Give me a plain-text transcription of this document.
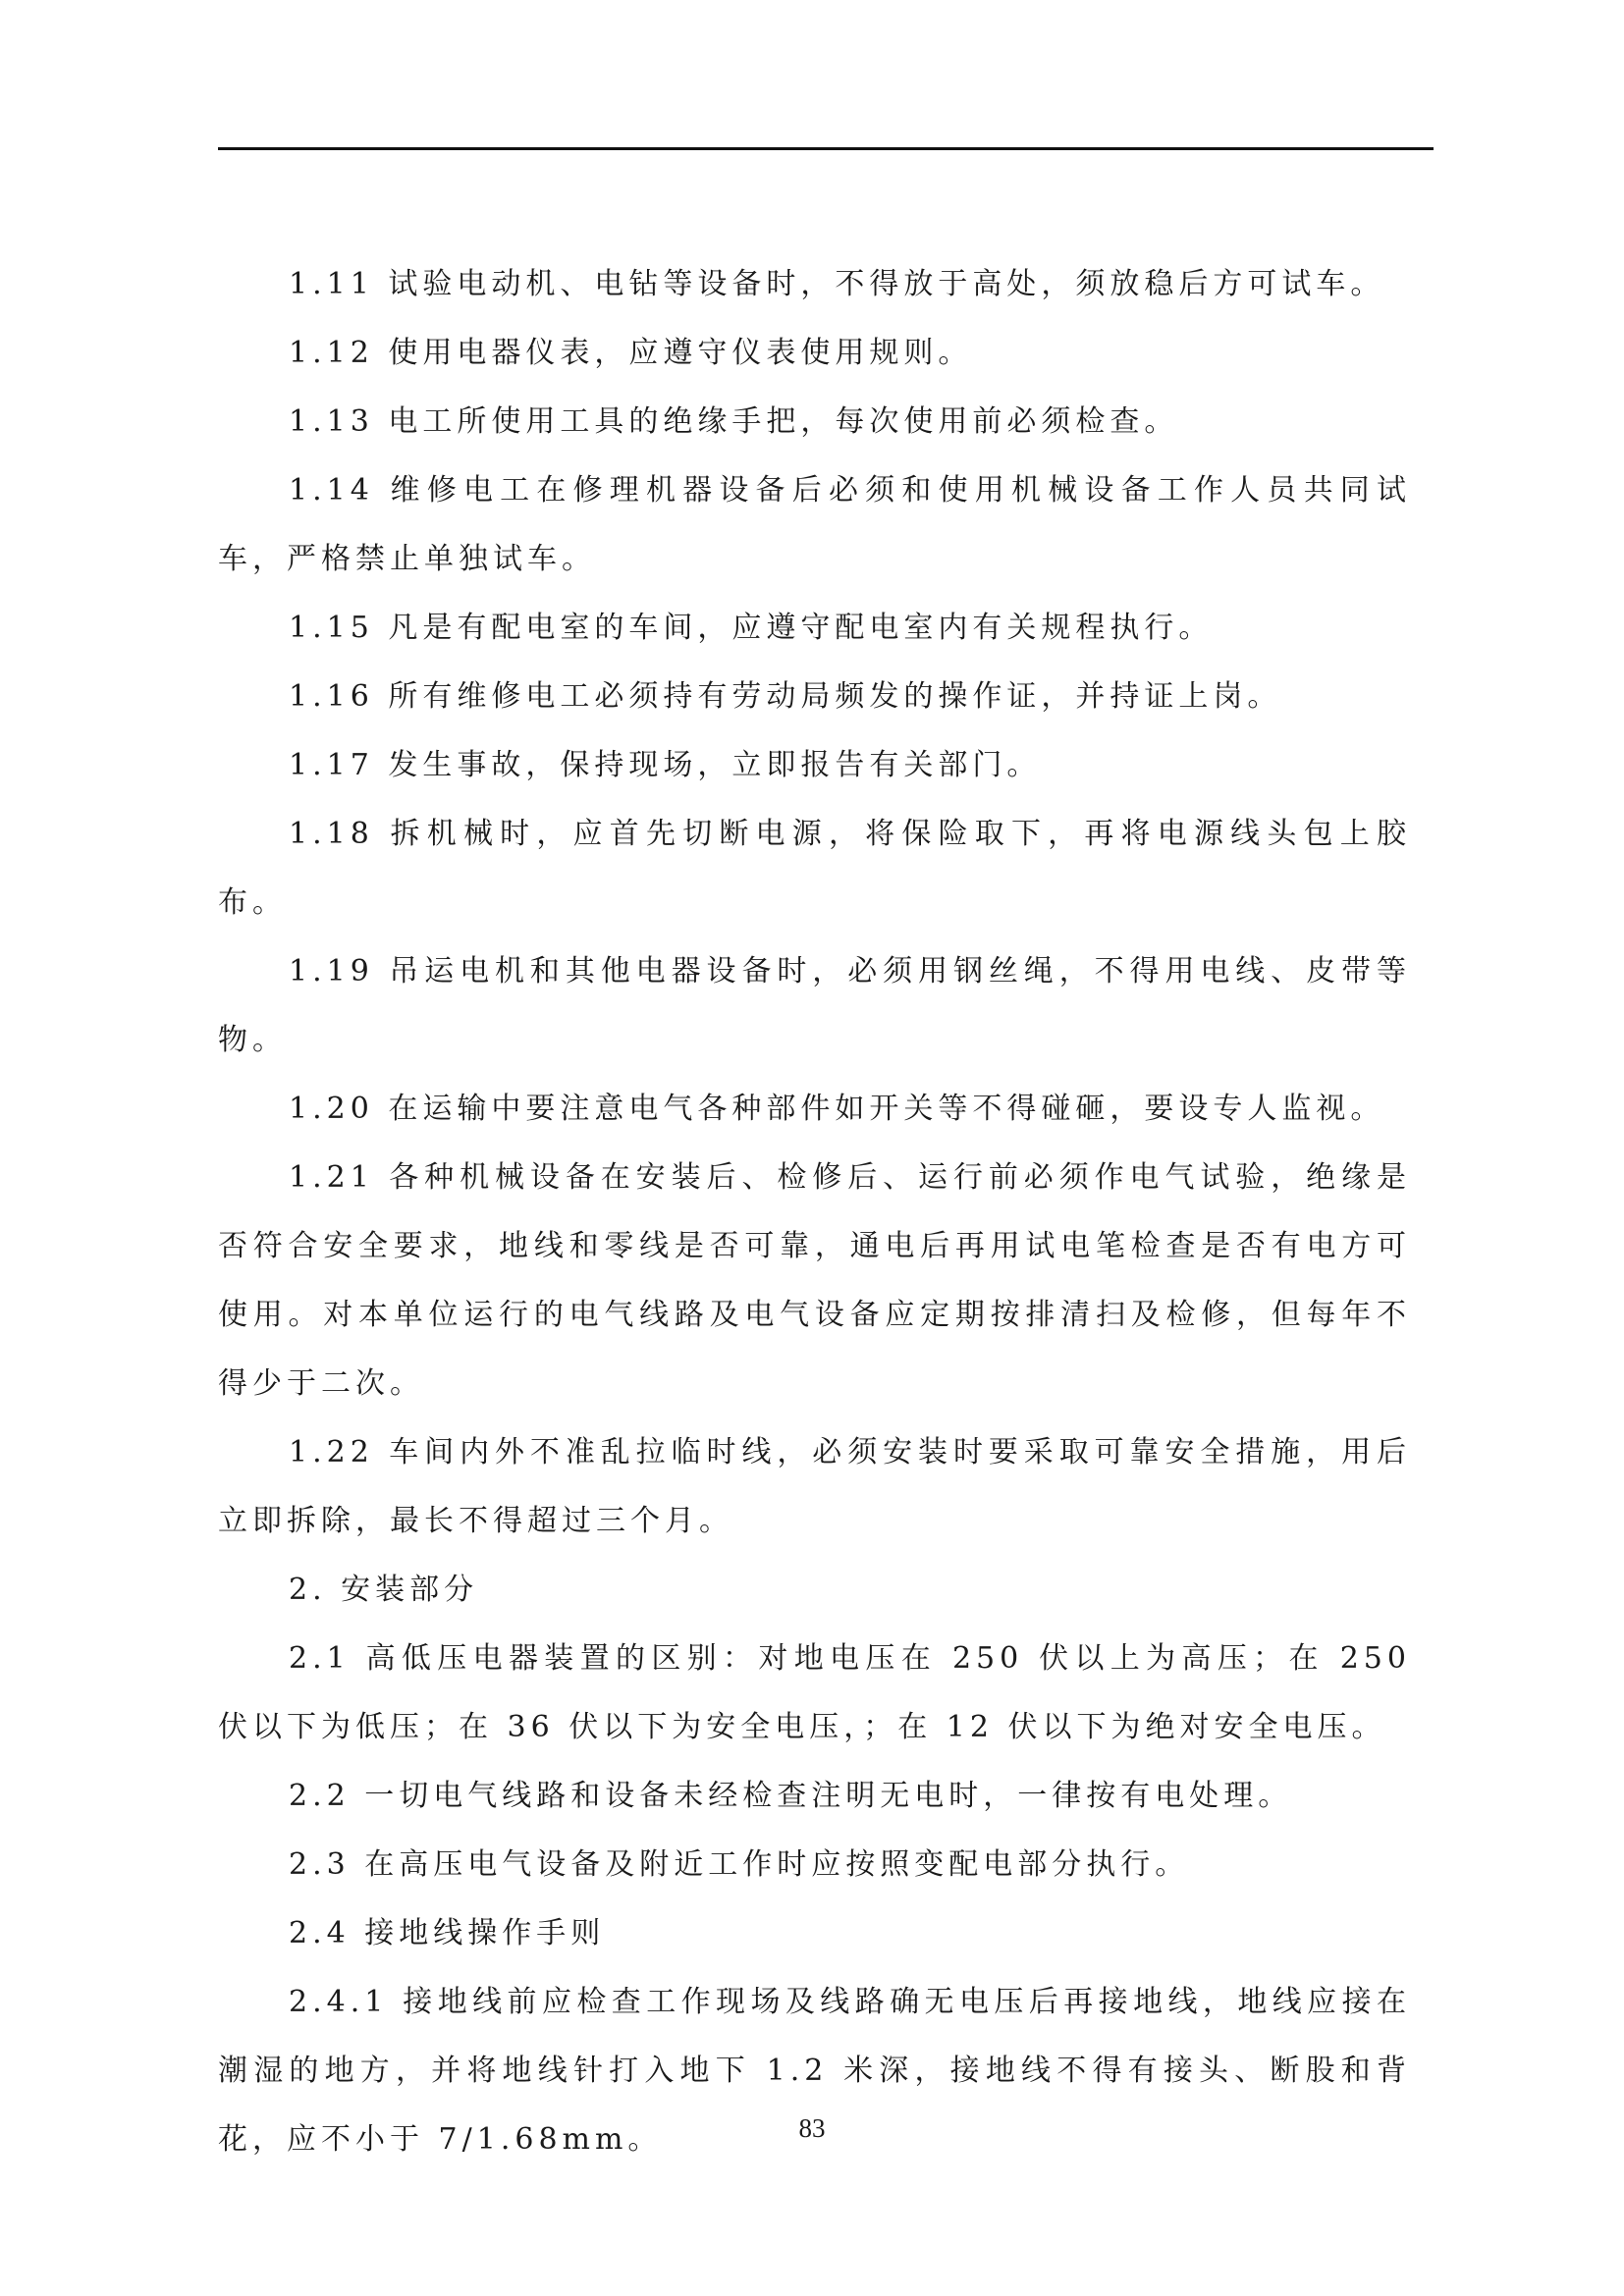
1.11 试验电动机、电钻等设备时，不得放于高处，须放稳后方可试车。

1.12 使用电器仪表，应遵守仪表使用规则。

1.13 电工所使用工具的绝缘手把，每次使用前必须检查。

1.14 维修电工在修理机器设备后必须和使用机械设备工作人员共同试车，严格禁止单独试车。

1.15 凡是有配电室的车间，应遵守配电室内有关规程执行。

1.16 所有维修电工必须持有劳动局频发的操作证，并持证上岗。

1.17 发生事故，保持现场，立即报告有关部门。

1.18 拆机械时，应首先切断电源，将保险取下，再将电源线头包上胶布。

1.19 吊运电机和其他电器设备时，必须用钢丝绳，不得用电线、皮带等物。

1.20 在运输中要注意电气各种部件如开关等不得碰砸，要设专人监视。

1.21 各种机械设备在安装后、检修后、运行前必须作电气试验，绝缘是否符合安全要求，地线和零线是否可靠，通电后再用试电笔检查是否有电方可使用。对本单位运行的电气线路及电气设备应定期按排清扫及检修，但每年不得少于二次。

1.22 车间内外不准乱拉临时线，必须安装时要采取可靠安全措施，用后立即拆除，最长不得超过三个月。

2. 安装部分

2.1 高低压电器装置的区别：对地电压在 250 伏以上为高压；在 250 伏以下为低压；在 36 伏以下为安全电压，；在 12 伏以下为绝对安全电压。

2.2 一切电气线路和设备未经检查注明无电时，一律按有电处理。

2.3 在高压电气设备及附近工作时应按照变配电部分执行。

2.4 接地线操作手则

2.4.1 接地线前应检查工作现场及线路确无电压后再接地线，地线应接在潮湿的地方，并将地线针打入地下 1.2 米深，接地线不得有接头、断股和背花，应不小于 7/1.68mm。	83
